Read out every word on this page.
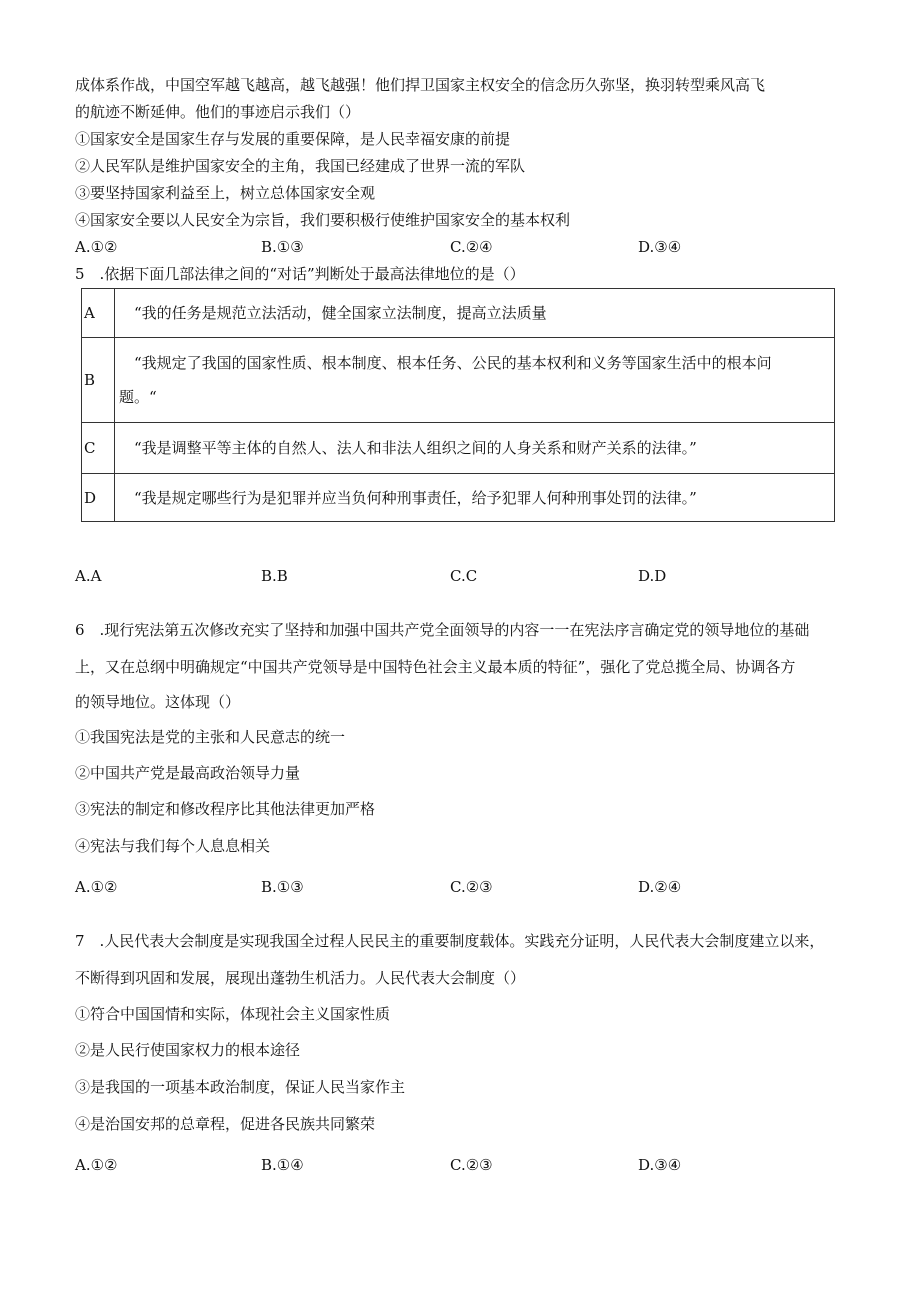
成体系作战，中国空军越飞越高，越飞越强！他们捍卫国家主权安全的信念历久弥坚，换羽转型乘风高飞
的航迹不断延伸。他们的事迹启示我们（）
①国家安全是国家生存与发展的重要保障，是人民幸福安康的前提
②人民军队是维护国家安全的主角，我国已经建成了世界一流的军队
③要坚持国家利益至上，树立总体国家安全观
④国家安全要以人民安全为宗旨，我们要积极行使维护国家安全的基本权利
A.①②	B.①③	C.②④	D.③④
5　.依据下面几部法律之间的“对话”判断处于最高法律地位的是（）
A	　“我的任务是规范立法活动，健全国家立法制度，提高立法质量

B	　“我规定了我国的国家性质、根本制度、根本任务、公民的基本权利和义务等国家生活中的根本问
题。“

C	　“我是调整平等主体的自然人、法人和非法人组织之间的人身关系和财产关系的法律。”

D	　“我是规定哪些行为是犯罪并应当负何种刑事责任，给予犯罪人何种刑事处罚的法律。”
A.A	B.B	C.C	D.D
6　.现行宪法第五次修改充实了坚持和加强中国共产党全面领导的内容一一在宪法序言确定党的领导地位的基础
上，又在总纲中明确规定“中国共产党领导是中国特色社会主义最本质的特征”，强化了党总揽全局、协调各方
的领导地位。这体现（）
①我国宪法是党的主张和人民意志的统一
②中国共产党是最高政治领导力量
③宪法的制定和修改程序比其他法律更加严格
④宪法与我们每个人息息相关
A.①②	B.①③	C.②③	D.②④
7　.人民代表大会制度是实现我国全过程人民民主的重要制度载体。实践充分证明，人民代表大会制度建立以来，
不断得到巩固和发展，展现出蓬勃生机活力。人民代表大会制度（）
①符合中国国情和实际，体现社会主义国家性质
②是人民行使国家权力的根本途径
③是我国的一项基本政治制度，保证人民当家作主
④是治国安邦的总章程，促进各民族共同繁荣
A.①②	B.①④	C.②③	D.③④
